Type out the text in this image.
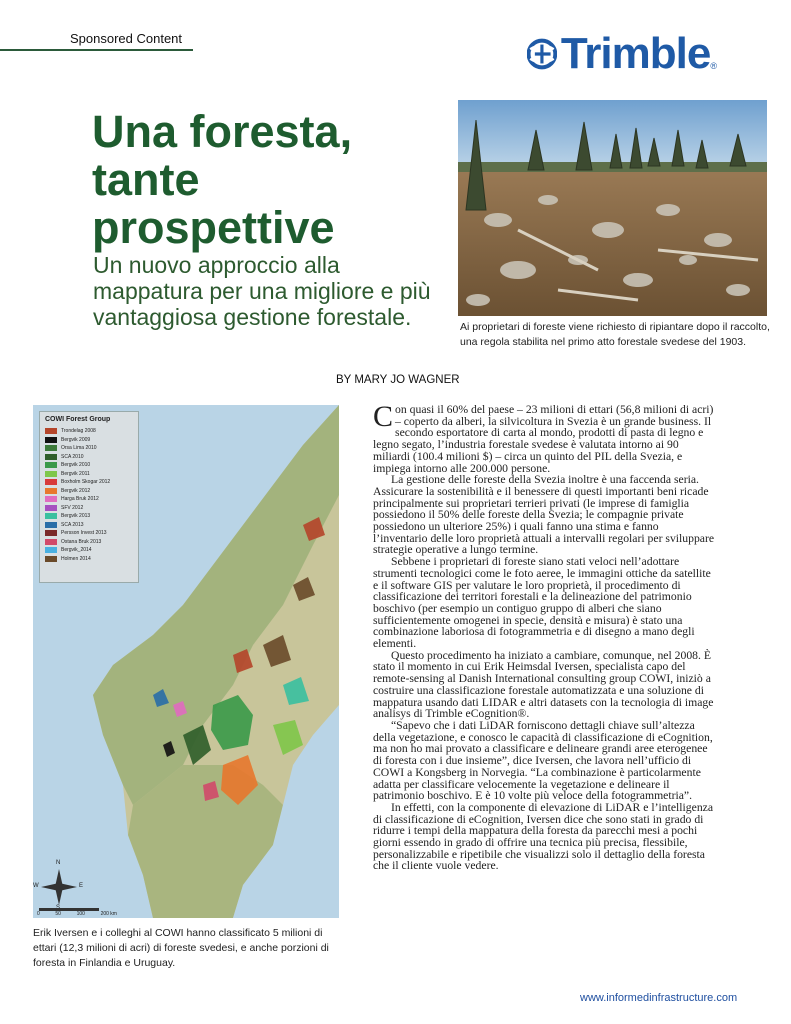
Sponsored Content	Trimble ®
Una foresta,
tante
prospettive
Un nuovo approccio alla mappatura per una migliore e più vantaggiosa gestione forestale.	Ai proprietari di foreste viene richiesto di ripiantare dopo il raccolto, una regola stabilita nel primo atto forestale svedese del 1903.
BY MARY JO WAGNER
COWI Forest Group
Trondelag 2008
Bergvik 2009
Orsa Lima 2010
SCA 2010
Bergvik 2010
Bergvik 2011
Boxholm Skogar 2012
Bergvik 2012
Harga Bruk 2012
SFV 2012
Bergvik 2013
SCA 2013
Persson Invest 2013
Ostana Bruk 2013
Bergvik_2014
Holmen 2014
N
W	E
0	50	100	200 km
Erik Iversen e i colleghi al COWI hanno classificato 5 milioni di ettari (12,3 milioni di acri) di foreste svedesi, e anche porzioni di foresta in Finlandia e Uruguay.

Con quasi il 60% del paese – 23 milioni di ettari (56,8 milioni di acri) – coperto da alberi, la silvicoltura in Svezia è un grande business. Il secondo esportatore di carta al mondo, prodotti di pasta di legno e legno segato, l’industria forestale svedese è valutata intorno ai 90 miliardi (100.4 milioni $) – circa un quinto del PIL della Svezia, e impiega intorno alle 200.000 persone.

La gestione delle foreste della Svezia inoltre è una faccenda seria. Assicurare la sostenibilità e il benessere di questi importanti beni ricade principalmente sui proprietari terrieri privati (le imprese di famiglia possiedono il 50% delle foreste della Svezia; le compagnie private possiedono un ulteriore 25%) i quali fanno una stima e fanno l’inventario delle loro proprietà attuali a intervalli regolari per sviluppare strategie operative a lungo termine.

Sebbene i proprietari di foreste siano stati veloci nell’adottare strumenti tecnologici come le foto aeree, le immagini ottiche da satellite e il software GIS per valutare le loro proprietà, il procedimento di classificazione dei territori forestali e la delineazione del patrimonio boschivo (per esempio un contiguo gruppo di alberi che siano sufficientemente omogenei in specie, densità e misura) è stato una combinazione laboriosa di fotogrammetria e di disegno a mano degli elementi.

Questo procedimento ha iniziato a cambiare, comunque, nel 2008. È stato il momento in cui Erik Heimsdal Iversen, specialista capo del remote-sensing al Danish International consulting group COWI, iniziò a costruire una classificazione forestale automatizzata e una soluzione di mappatura usando dati LIDAR e altri datasets con la tecnologia di image analisys di Trimble eCognition®.

“Sapevo che i dati LiDAR forniscono dettagli chiave sull’altezza della vegetazione, e conosco le capacità di classificazione di eCognition, ma non ho mai provato a classificare e delineare grandi aree eterogenee di foresta con i due insieme”, dice Iversen, che lavora nell’ufficio di COWI a Kongsberg in Norvegia. “La combinazione è particolarmente adatta per classificare velocemente la vegetazione e delineare il patrimonio boschivo. E è 10 volte più veloce della fotogrammetria”.

In effetti, con la componente di elevazione di LiDAR e l’intelligenza di classificazione di eCognition, Iversen dice che sono stati in grado di ridurre i tempi della mappatura della foresta da parecchi mesi a pochi giorni essendo in grado di offrire una tecnica più precisa, flessibile, personalizzabile e ripetibile che visualizzi solo il dettaglio della foresta che il cliente vuole vedere.

www.informedinfrastructure.com
